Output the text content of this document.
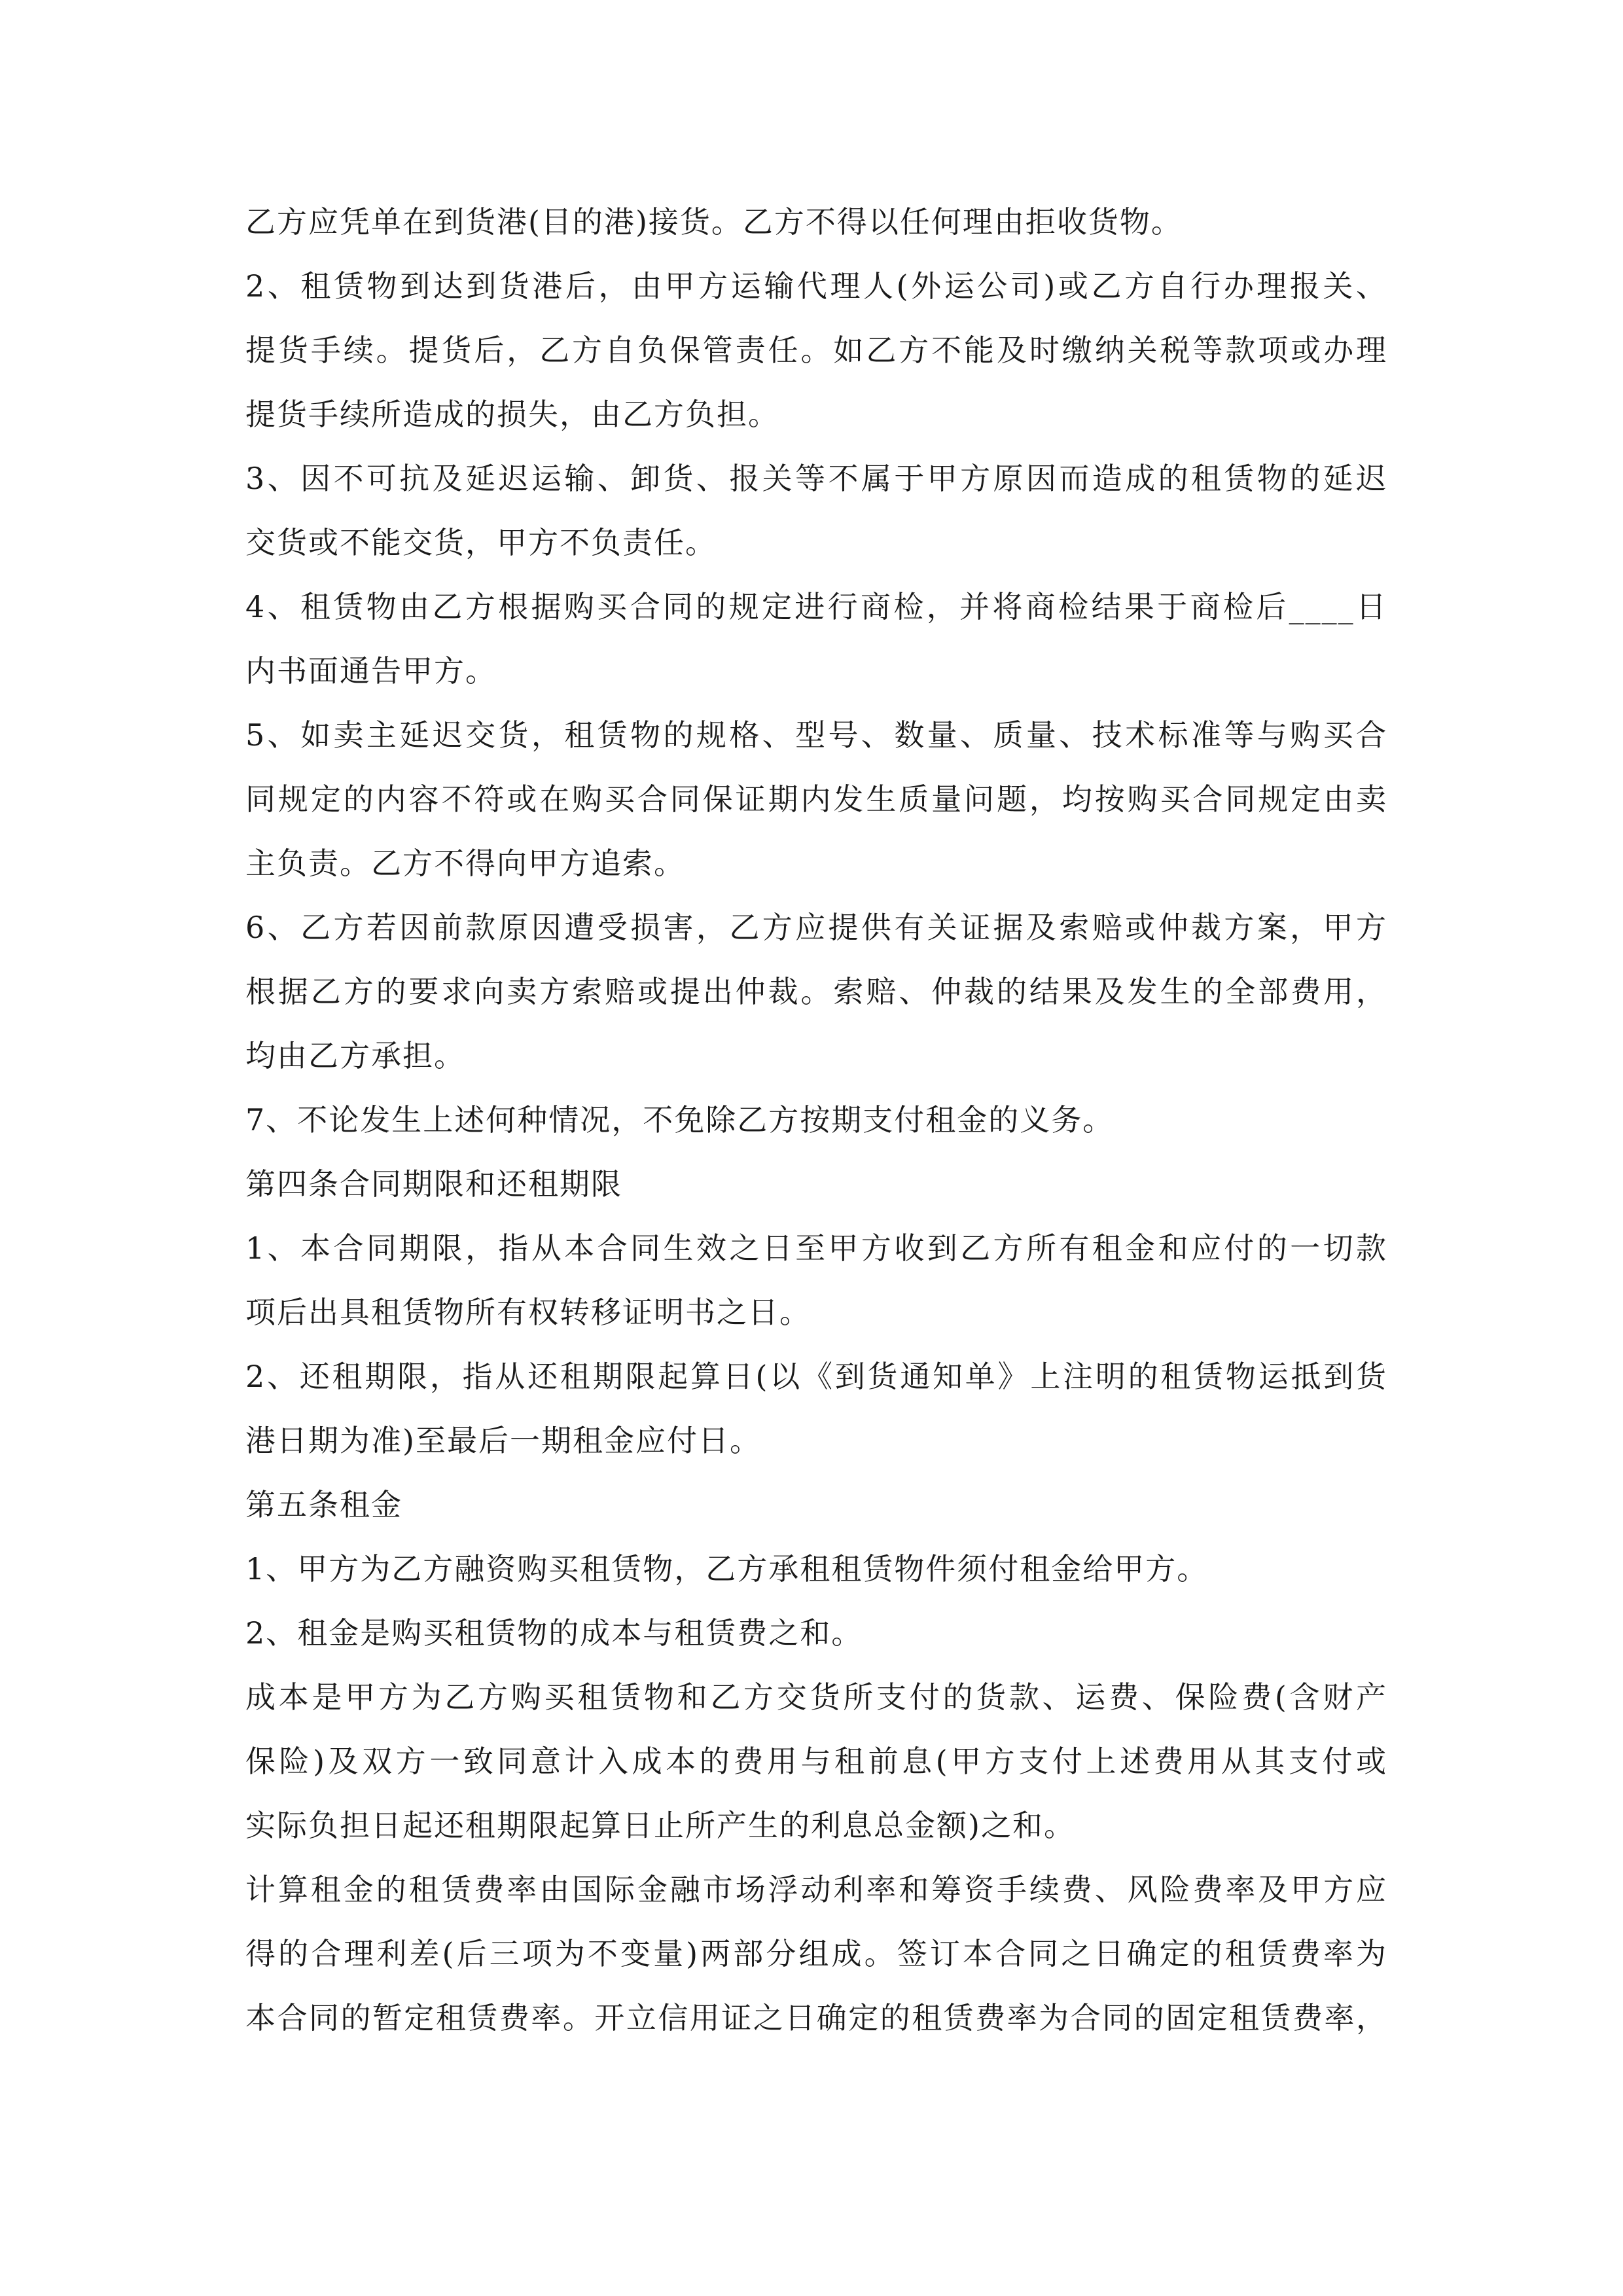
乙方应凭单在到货港(目的港)接货。乙方不得以任何理由拒收货物。
2、租赁物到达到货港后，由甲方运输代理人(外运公司)或乙方自行办理报关、
提货手续。提货后，乙方自负保管责任。如乙方不能及时缴纳关税等款项或办理
提货手续所造成的损失，由乙方负担。
3、因不可抗及延迟运输、卸货、报关等不属于甲方原因而造成的租赁物的延迟
交货或不能交货，甲方不负责任。
4、租赁物由乙方根据购买合同的规定进行商检，并将商检结果于商检后____日
内书面通告甲方。
5、如卖主延迟交货，租赁物的规格、型号、数量、质量、技术标准等与购买合
同规定的内容不符或在购买合同保证期内发生质量问题，均按购买合同规定由卖
主负责。乙方不得向甲方追索。
6、乙方若因前款原因遭受损害，乙方应提供有关证据及索赔或仲裁方案，甲方
根据乙方的要求向卖方索赔或提出仲裁。索赔、仲裁的结果及发生的全部费用，
均由乙方承担。
7、不论发生上述何种情况，不免除乙方按期支付租金的义务。
第四条合同期限和还租期限
1、本合同期限，指从本合同生效之日至甲方收到乙方所有租金和应付的一切款
项后出具租赁物所有权转移证明书之日。
2、还租期限，指从还租期限起算日(以《到货通知单》上注明的租赁物运抵到货
港日期为准)至最后一期租金应付日。
第五条租金
1、甲方为乙方融资购买租赁物，乙方承租租赁物件须付租金给甲方。
2、租金是购买租赁物的成本与租赁费之和。
成本是甲方为乙方购买租赁物和乙方交货所支付的货款、运费、保险费(含财产
保险)及双方一致同意计入成本的费用与租前息(甲方支付上述费用从其支付或
实际负担日起还租期限起算日止所产生的利息总金额)之和。
计算租金的租赁费率由国际金融市场浮动利率和筹资手续费、风险费率及甲方应
得的合理利差(后三项为不变量)两部分组成。签订本合同之日确定的租赁费率为
本合同的暂定租赁费率。开立信用证之日确定的租赁费率为合同的固定租赁费率，
